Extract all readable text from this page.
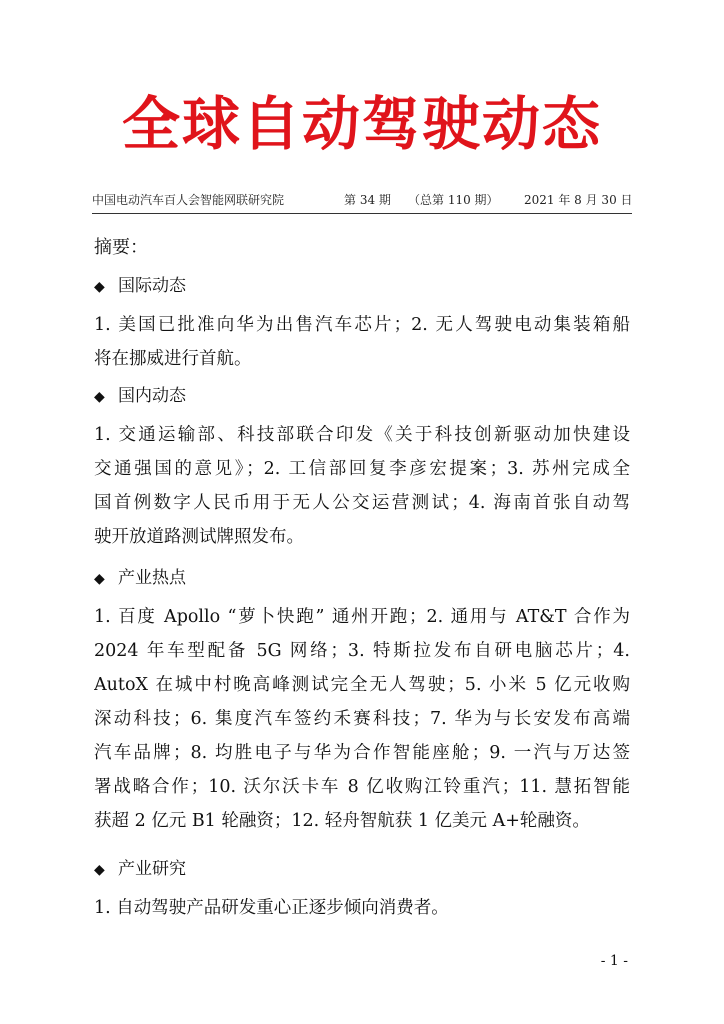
全球自动驾驶动态
中国电动汽车百人会智能网联研究院	第 34 期 （总第 110 期） 2021 年 8 月 30 日
摘要：
◆ 国际动态
1. 美国已批准向华为出售汽车芯片；2. 无人驾驶电动集装箱船
将在挪威进行首航。
◆ 国内动态
1. 交通运输部、科技部联合印发《关于科技创新驱动加快建设
交通强国的意见》；2. 工信部回复李彦宏提案；3. 苏州完成全
国首例数字人民币用于无人公交运营测试；4. 海南首张自动驾
驶开放道路测试牌照发布。
◆ 产业热点
1. 百度 Apollo “萝卜快跑” 通州开跑；2. 通用与 AT&T 合作为
2024 年车型配备 5G 网络；3. 特斯拉发布自研电脑芯片；4.
AutoX 在城中村晚高峰测试完全无人驾驶；5. 小米 5 亿元收购
深动科技；6. 集度汽车签约禾赛科技；7. 华为与长安发布高端
汽车品牌；8. 均胜电子与华为合作智能座舱；9. 一汽与万达签
署战略合作；10. 沃尔沃卡车 8 亿收购江铃重汽；11. 慧拓智能
获超 2 亿元 B1 轮融资；12. 轻舟智航获 1 亿美元 A+轮融资。
◆ 产业研究
1. 自动驾驶产品研发重心正逐步倾向消费者。
- 1 -
